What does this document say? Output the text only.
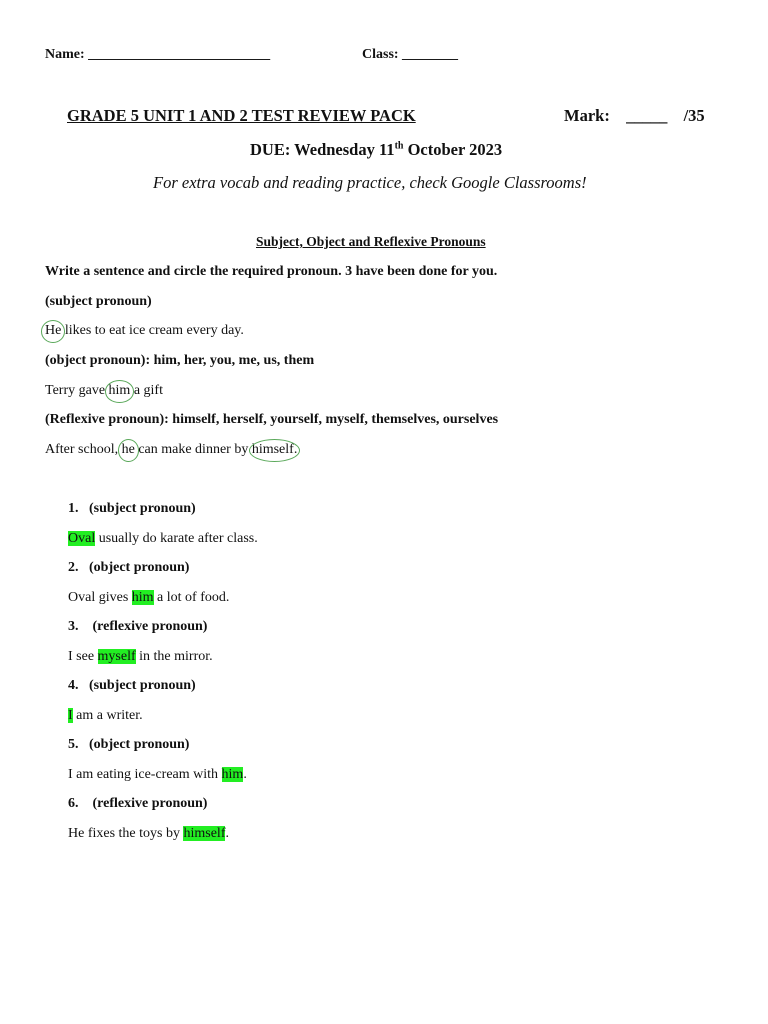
Name: __________________________	Class: ________
GRADE 5 UNIT 1 AND 2 TEST REVIEW PACK	Mark: _____ /35
DUE: Wednesday 11th October 2023
For extra vocab and reading practice, check Google Classrooms!
Subject, Object and Reflexive Pronouns
Write a sentence and circle the required pronoun. 3 have been done for you.
(subject pronoun)
He likes to eat ice cream every day.
(object pronoun): him, her, you, me, us, them
Terry gave him a gift
(Reflexive pronoun): himself, herself, yourself, myself, themselves, ourselves
After school, he can make dinner by himself.
1. (subject pronoun)
Oval usually do karate after class.
2. (object pronoun)
Oval gives him a lot of food.
3. (reflexive pronoun)
I see myself in the mirror.
4. (subject pronoun)
I am a writer.
5. (object pronoun)
I am eating ice-cream with him.
6. (reflexive pronoun)
He fixes the toys by himself.
